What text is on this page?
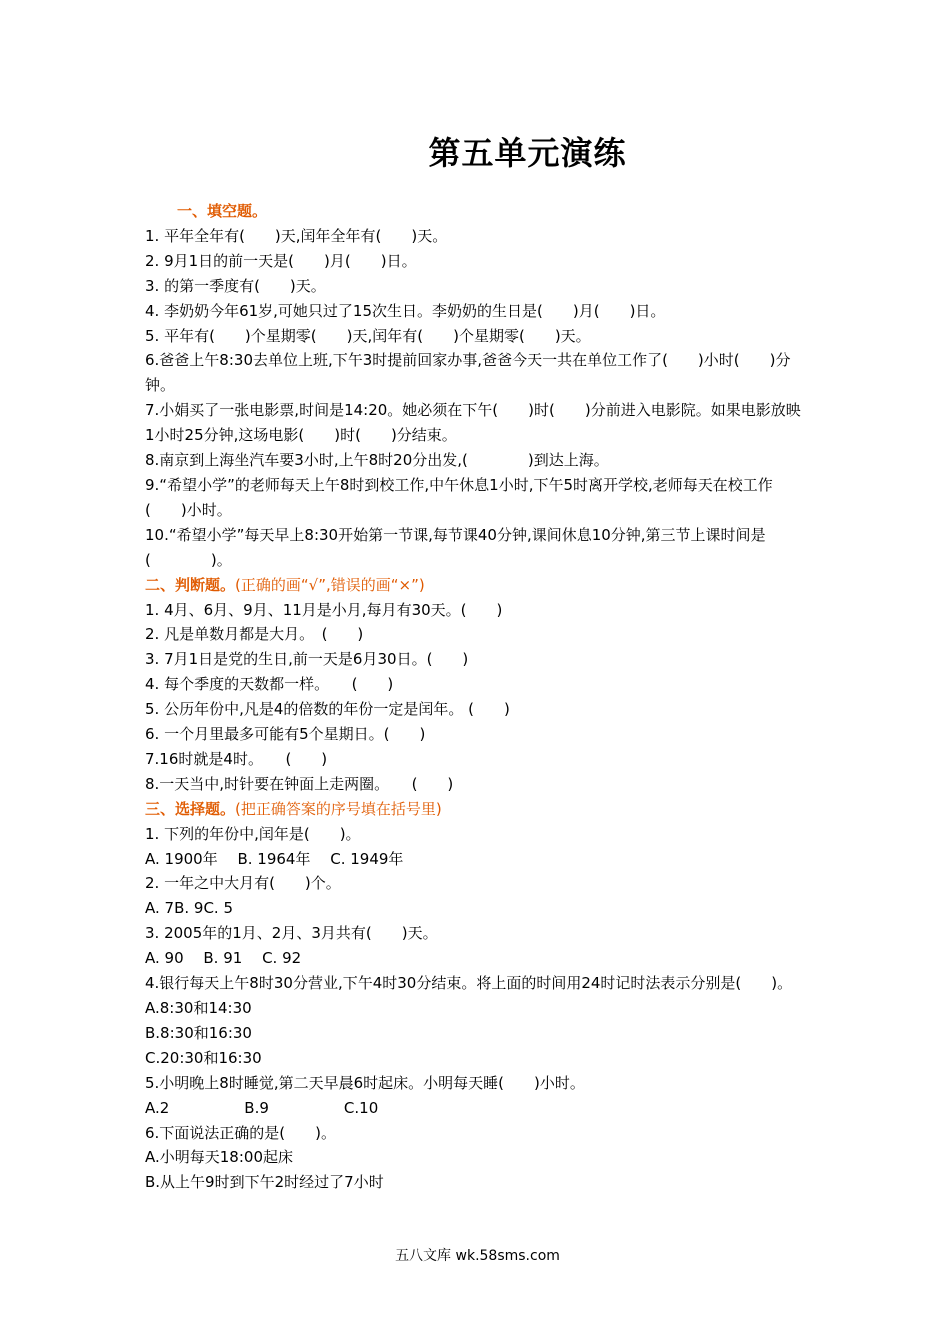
第五单元演练
一、填空题。
1. 平年全年有(　　)天,闰年全年有(　　)天。
2. 9月1日的前一天是(　　)月(　　)日。
3. 的第一季度有(　　)天。
4. 李奶奶今年61岁,可她只过了15次生日。李奶奶的生日是(　　)月(　　)日。
5. 平年有(　　)个星期零(　　)天,闰年有(　　)个星期零(　　)天。
6.爸爸上午8:30去单位上班,下午3时提前回家办事,爸爸今天一共在单位工作了(　　)小时(　　)分钟。
7.小娟买了一张电影票,时间是14:20。她必须在下午(　　)时(　　)分前进入电影院。如果电影放映1小时25分钟,这场电影(　　)时(　　)分结束。
8.南京到上海坐汽车要3小时,上午8时20分出发,(　　　　)到达上海。
9.“希望小学”的老师每天上午8时到校工作,中午休息1小时,下午5时离开学校,老师每天在校工作(　　)小时。
10.“希望小学”每天早上8:30开始第一节课,每节课40分钟,课间休息10分钟,第三节上课时间是(　　　　)。
二、判断题。(正确的画“√”,错误的画“×”)
1. 4月、6月、9月、11月是小月,每月有30天。(　　)
2. 凡是单数月都是大月。　(　　)
3. 7月1日是党的生日,前一天是6月30日。(　　)
4. 每个季度的天数都一样。　　(　　)
5. 公历年份中,凡是4的倍数的年份一定是闰年。 (　　)
6. 一个月里最多可能有5个星期日。(　　)
7.16时就是4时。　　(　　)
8.一天当中,时针要在钟面上走两圈。　　(　　)
三、选择题。(把正确答案的序号填在括号里)
1. 下列的年份中,闰年是(　　)。
A. 1900年　 B. 1964年　 C. 1949年
2. 一年之中大月有(　　)个。
A. 7B. 9C. 5
3. 2005年的1月、2月、3月共有(　　)天。
A. 90　 B. 91　 C. 92
4.银行每天上午8时30分营业,下午4时30分结束。将上面的时间用24时记时法表示分别是(　　)。
A.8:30和14:30
B.8:30和16:30
C.20:30和16:30
5.小明晚上8时睡觉,第二天早晨6时起床。小明每天睡(　　)小时。
A.2　　　　　B.9　　　　　C.10
6.下面说法正确的是(　　)。
A.小明每天18:00起床
B.从上午9时到下午2时经过了7小时
五八文库 wk.58sms.com
